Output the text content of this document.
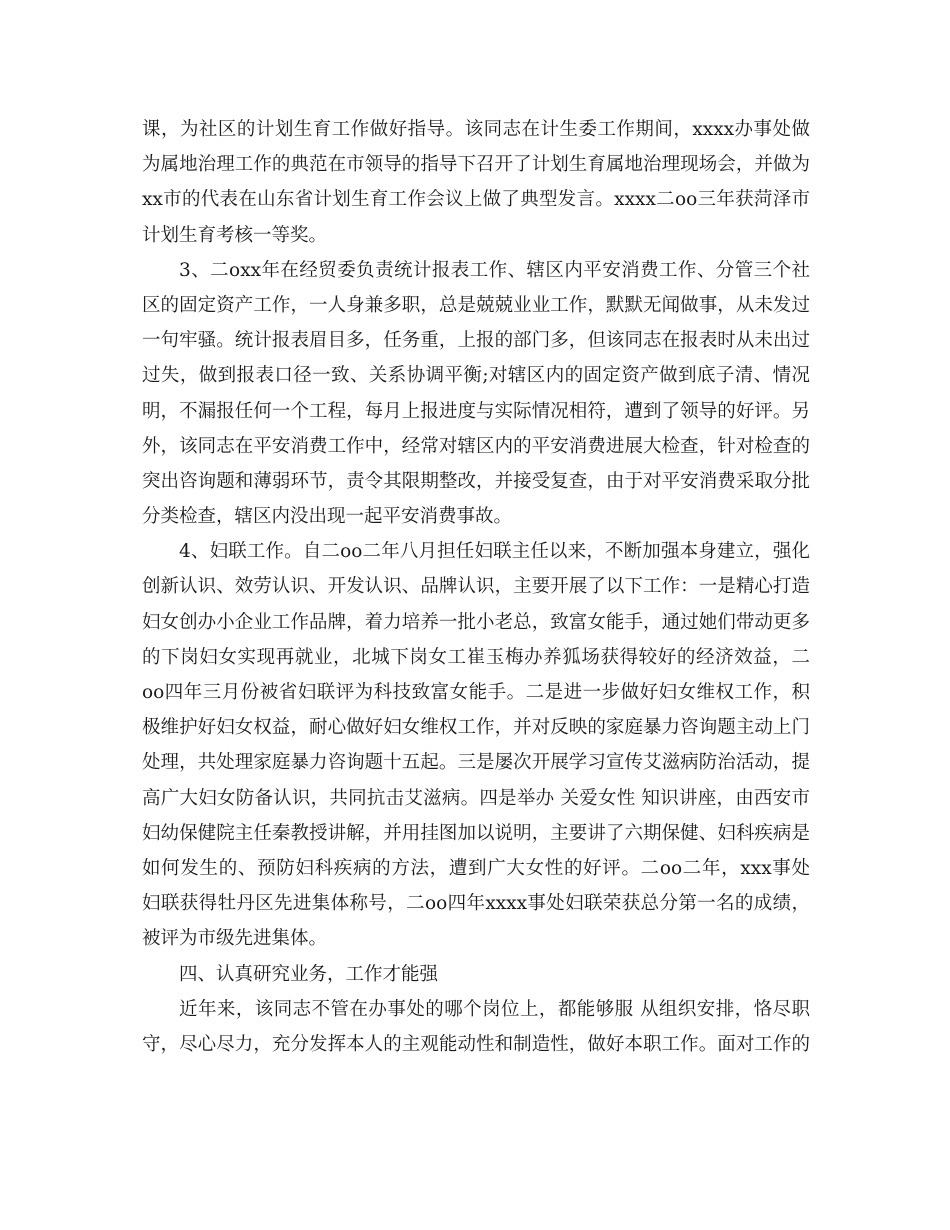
课，为社区的计划生育工作做好指导。该同志在计生委工作期间，xxxx办事处做
为属地治理工作的典范在市领导的指导下召开了计划生育属地治理现场会，并做为
xx市的代表在山东省计划生育工作会议上做了典型发言。xxxx二oo三年获菏泽市
计划生育考核一等奖。
3、二oxx年在经贸委负责统计报表工作、辖区内平安消费工作、分管三个社
区的固定资产工作，一人身兼多职，总是兢兢业业工作，默默无闻做事，从未发过
一句牢骚。统计报表眉目多，任务重，上报的部门多，但该同志在报表时从未出过
过失，做到报表口径一致、关系协调平衡;对辖区内的固定资产做到底子清、情况
明，不漏报任何一个工程，每月上报进度与实际情况相符，遭到了领导的好评。另
外，该同志在平安消费工作中，经常对辖区内的平安消费进展大检查，针对检查的
突出咨询题和薄弱环节，责令其限期整改，并接受复查，由于对平安消费采取分批
分类检查，辖区内没出现一起平安消费事故。
4、妇联工作。自二oo二年八月担任妇联主任以来，不断加强本身建立，强化
创新认识、效劳认识、开发认识、品牌认识，主要开展了以下工作：一是精心打造
妇女创办小企业工作品牌，着力培养一批小老总，致富女能手，通过她们带动更多
的下岗妇女实现再就业，北城下岗女工崔玉梅办养狐场获得较好的经济效益，二
oo四年三月份被省妇联评为科技致富女能手。二是进一步做好妇女维权工作，积
极维护好妇女权益，耐心做好妇女维权工作，并对反映的家庭暴力咨询题主动上门
处理，共处理家庭暴力咨询题十五起。三是屡次开展学习宣传艾滋病防治活动，提
高广大妇女防备认识，共同抗击艾滋病。四是举办 关爱女性 知识讲座，由西安市
妇幼保健院主任秦教授讲解，并用挂图加以说明，主要讲了六期保健、妇科疾病是
如何发生的、预防妇科疾病的方法，遭到广大女性的好评。二oo二年，xxx事处
妇联获得牡丹区先进集体称号，二oo四年xxxx事处妇联荣获总分第一名的成绩，
被评为市级先进集体。
四、认真研究业务，工作才能强
近年来，该同志不管在办事处的哪个岗位上，都能够服 从组织安排，恪尽职
守，尽心尽力，充分发挥本人的主观能动性和制造性，做好本职工作。面对工作的
